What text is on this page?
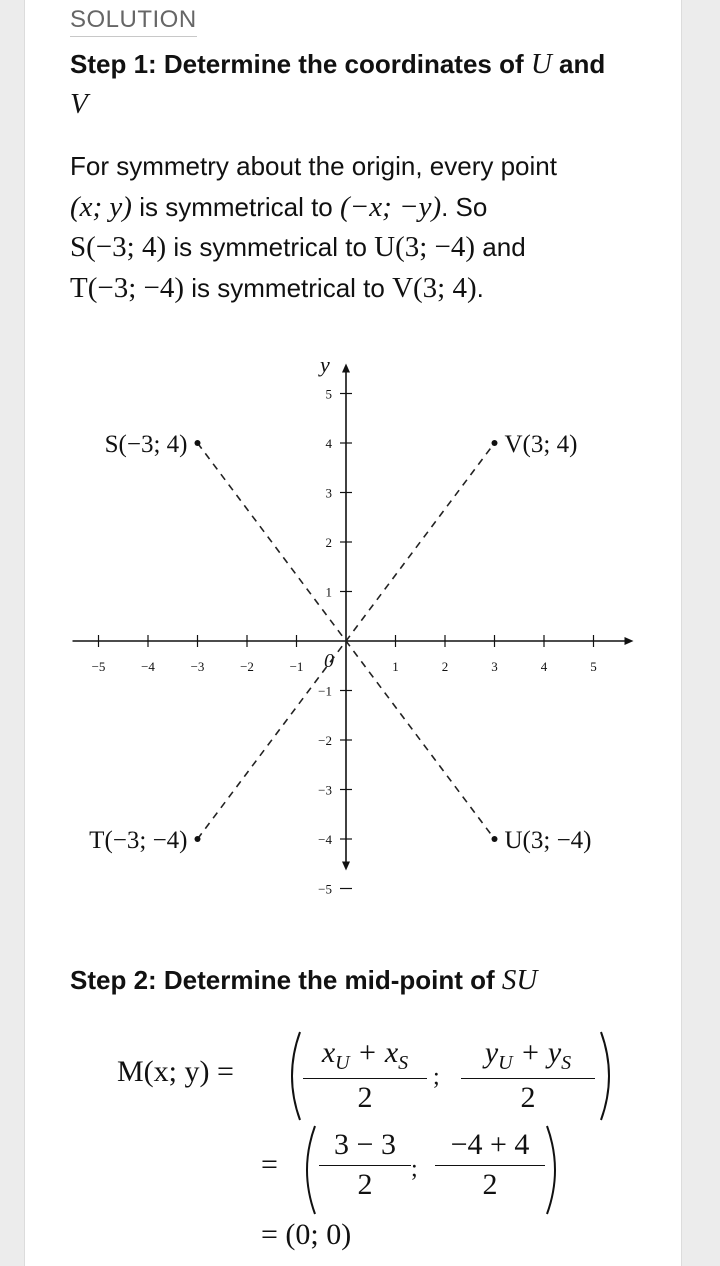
SOLUTION
Step 1: Determine the coordinates of U and
V
For symmetry about the origin, every point
(x; y) is symmetrical to (−x; −y). So
S(−3; 4) is symmetrical to U(3; −4) and
T(−3; −4) is symmetrical to V(3; 4).
y
−5	−4	−3	−2	−1	1	2	3	4	5
−5
−4
−3
−2
−1
1
2
3
4
5
0
S(−3; 4)	V(3; 4)
T(−3; −4)	U(3; −4)
Step 2: Determine the mid-point of SU
M(x; y) =
$x_U + x_S$
2
;
$y_U + y_S$
2
=
3 − 3
2	;
−4 + 4
2
= (0; 0)
